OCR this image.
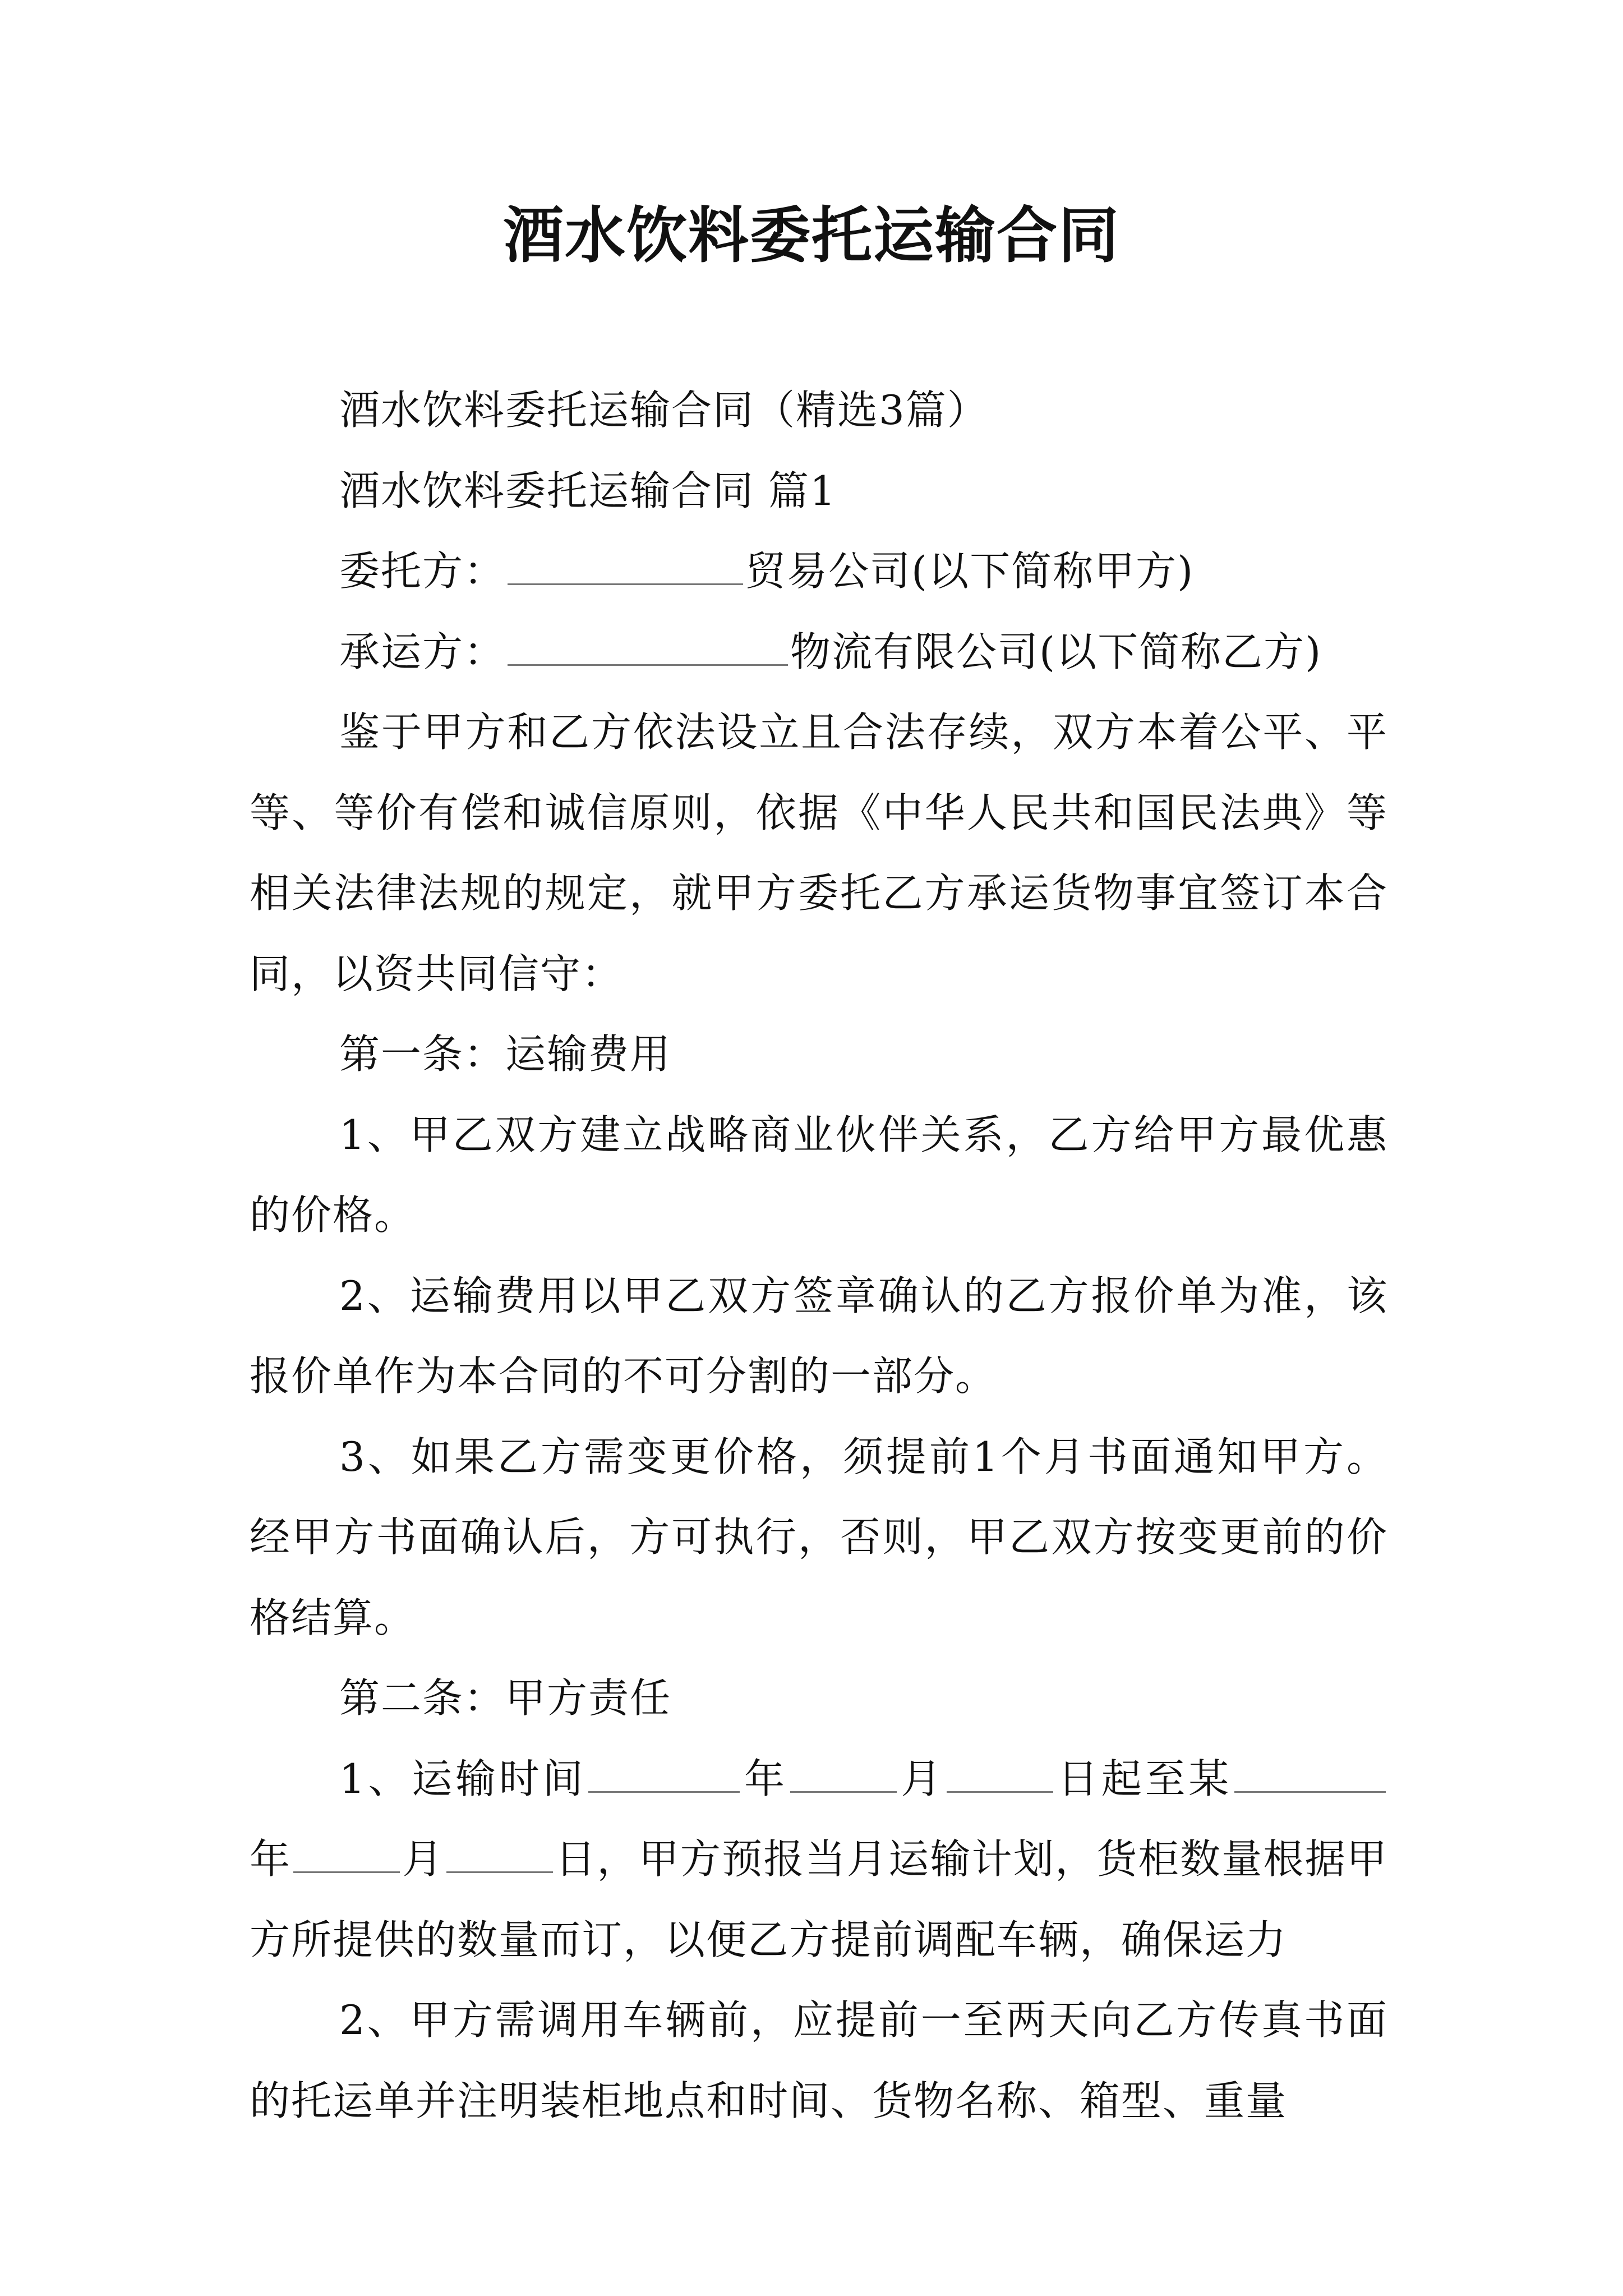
酒水饮料委托运输合同

酒水饮料委托运输合同（精选3篇）

酒水饮料委托运输合同 篇1

委托方：	贸易公司(以下简称甲方)

承运方：	物流有限公司(以下简称乙方)

鉴于甲方和乙方依法设立且合法存续，双方本着公平、平等、等价有偿和诚信原则，依据《中华人民共和国民法典》等相关法律法规的规定，就甲方委托乙方承运货物事宜签订本合同，以资共同信守：

第一条：运输费用

1、甲乙双方建立战略商业伙伴关系，乙方给甲方最优惠的价格。

2、运输费用以甲乙双方签章确认的乙方报价单为准，该报价单作为本合同的不可分割的一部分。

3、如果乙方需变更价格，须提前1个月书面通知甲方。经甲方书面确认后，方可执行，否则，甲乙双方按变更前的价格结算。

第二条：甲方责任

1、运输时间	年	月	日起至某年	月	日，甲方预报当月运输计划，货柜数量根据甲方所提供的数量而订，以便乙方提前调配车辆，确保运力

2、甲方需调用车辆前，应提前一至两天向乙方传真书面的托运单并注明装柜地点和时间、货物名称、箱型、重量
